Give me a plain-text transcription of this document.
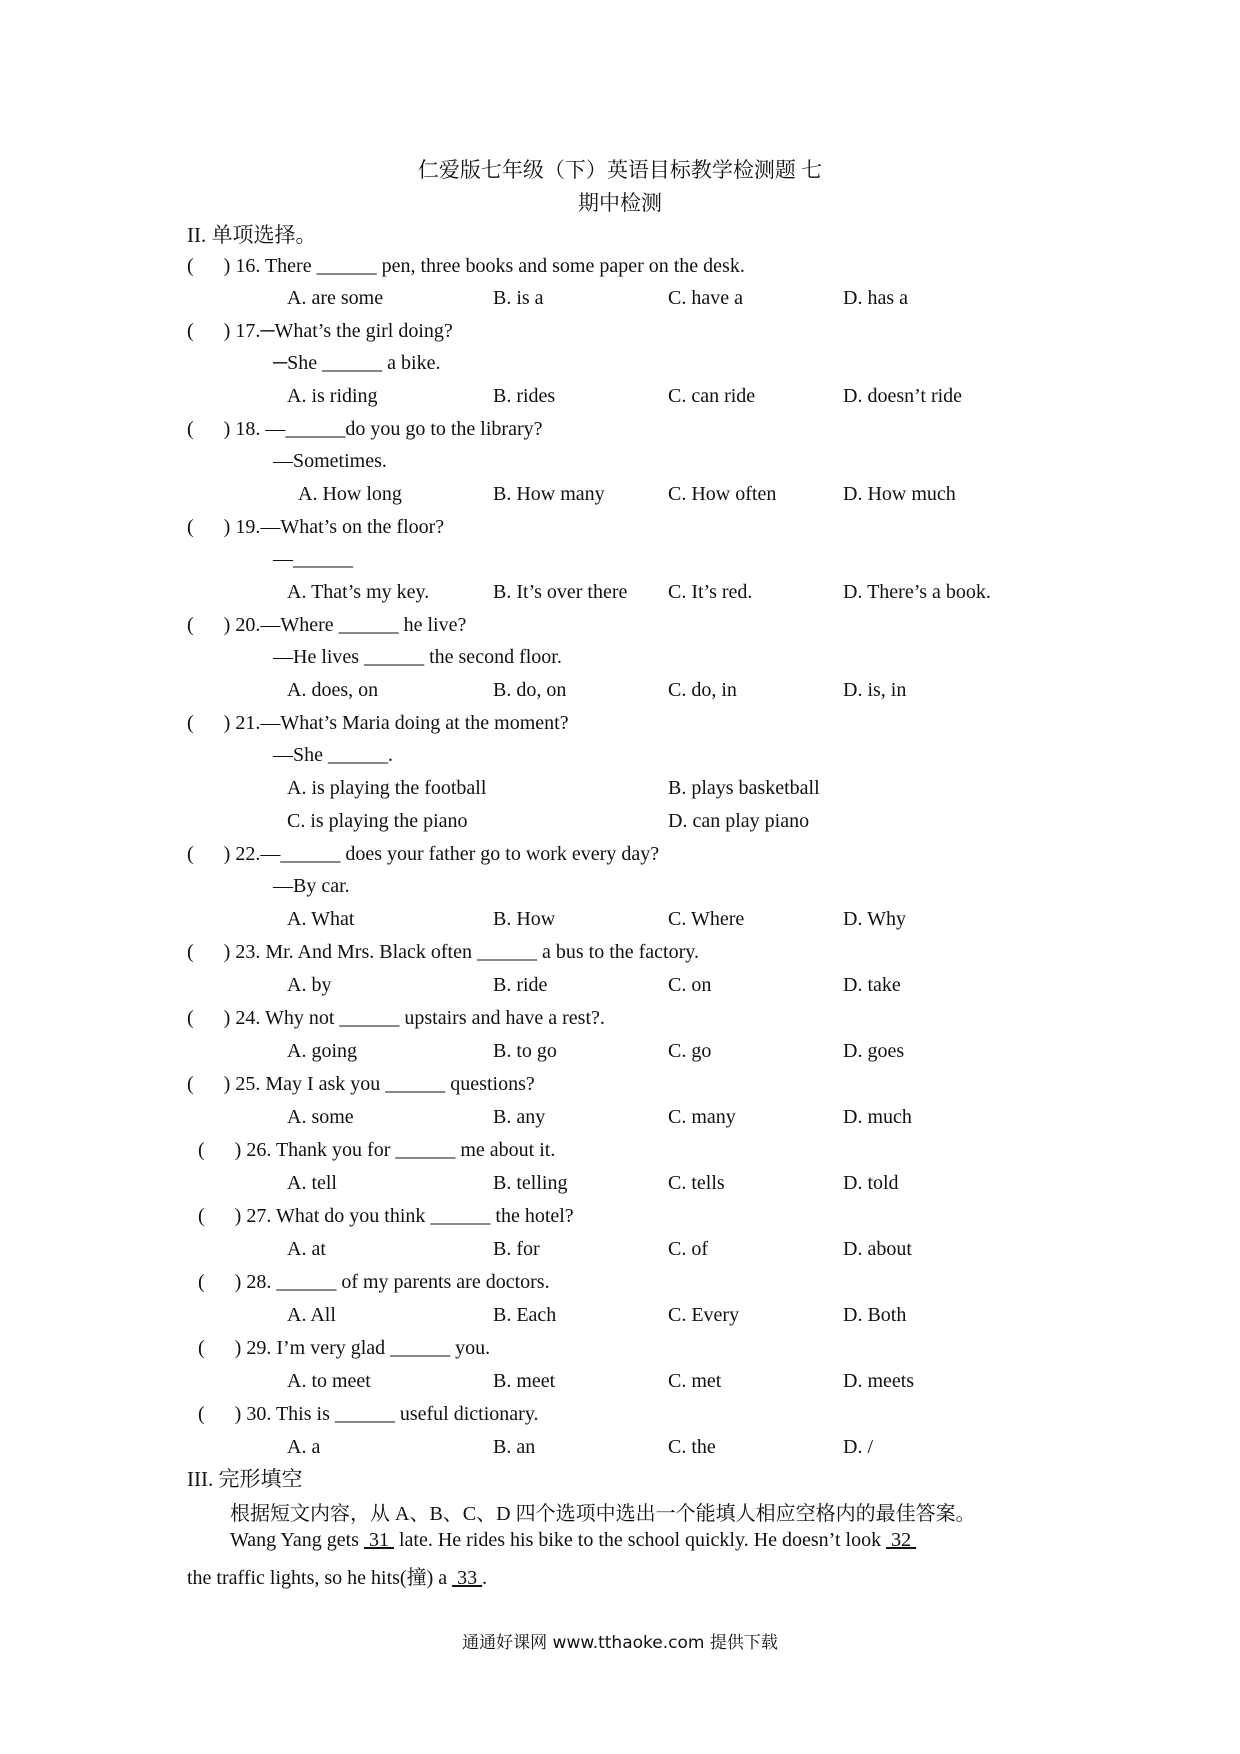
仁爱版七年级（下）英语目标教学检测题 七
期中检测
II. 单项选择。
(      ) 16. There ______ pen, three books and some paper on the desk.
A. are some	B. is a	C. have a	D. has a
(      ) 17.─What’s the girl doing?
─She ______ a bike.
A. is riding	B. rides	C. can ride	D. doesn’t ride
(      ) 18. —______do you go to the library?
—Sometimes.
A. How long	B. How many	C. How often	D. How much
(      ) 19.—What’s on the floor?
—______
A. That’s my key.	B. It’s over there C. It’s red.	D. There’s a book.
(      ) 20.—Where ______ he live?
—He lives ______ the second floor.
A. does, on	B. do, on	C. do, in	D. is, in
(      ) 21.—What’s Maria doing at the moment?
—She ______.
A. is playing the football	B. plays basketball
C. is playing the piano	D. can play piano
(      ) 22.—______ does your father go to work every day?
—By car.
A. What	B. How	C. Where	D. Why
(      ) 23. Mr. And Mrs. Black often ______ a bus to the factory.
A. by	B. ride	C. on	D. take
(      ) 24. Why not ______ upstairs and have a rest?.
A. going	B. to go	C. go	D. goes
(      ) 25. May I ask you ______ questions?
A. some	B. any	C. many	D. much
(      ) 26. Thank you for ______ me about it.
A. tell	B. telling	C. tells	D. told
(      ) 27. What do you think ______ the hotel?
A. at	B. for	C. of	D. about
(      ) 28. ______ of my parents are doctors.
A. All	B. Each	C. Every	D. Both
(      ) 29. I’m very glad ______ you.
A. to meet	B. meet	C. met	D. meets
(      ) 30. This is ______ useful dictionary.
A. a	B. an	C. the	D. /
III. 完形填空
根据短文内容，从 A、B、C、D 四个选项中选出一个能填人相应空格内的最佳答案。
Wang Yang gets  31  late. He rides his bike to the school quickly. He doesn’t look  32
the traffic lights, so he hits(撞) a  33 .
通通好课网 www.tthaoke.com 提供下载
